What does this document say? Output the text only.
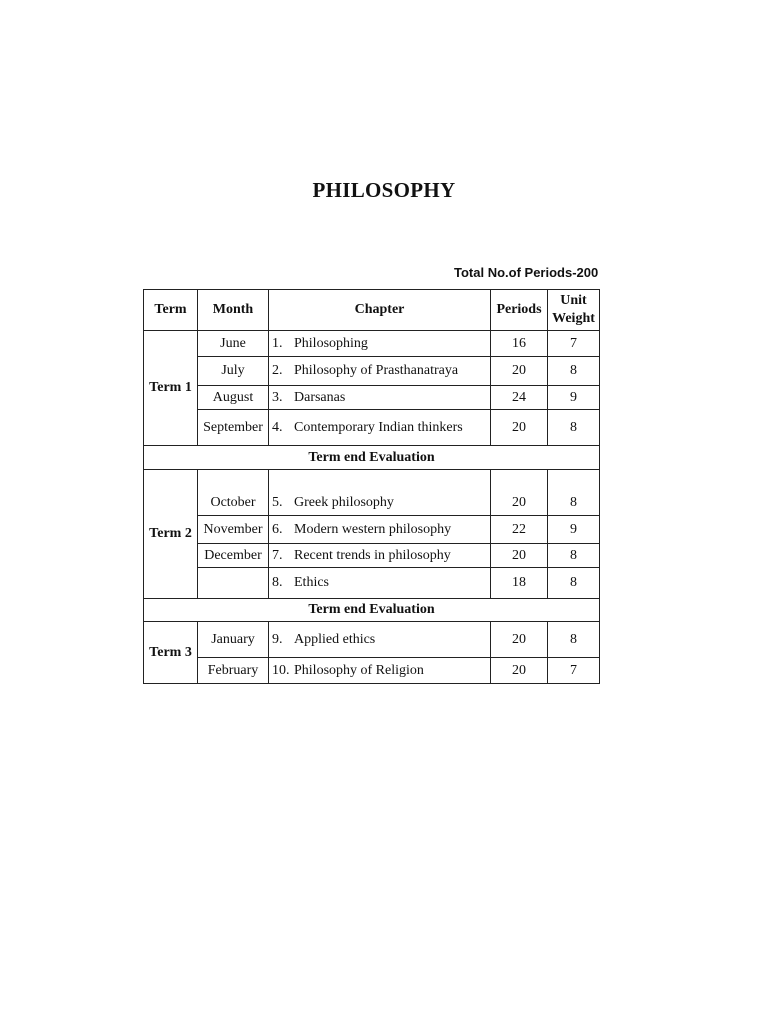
PHILOSOPHY
Total No.of Periods-200
Term	Month	Chapter	Periods	Unit
Weight
Term 1	June	1. Philosophing	16	7
	July	2. Philosophy of Prasthanatraya	20	8
	August	3. Darsanas	24	9
	September	4. Contemporary Indian thinkers	20	8
Term end Evaluation				
Term 2	October	5. Greek philosophy	20	8
	November	6. Modern western philosophy	22	9
	December	7. Recent trends in philosophy	20	8
		8. Ethics	18	8
Term end Evaluation				
Term 3	January	9. Applied ethics	20	8
	February	10. Philosophy of Religion	20	7
